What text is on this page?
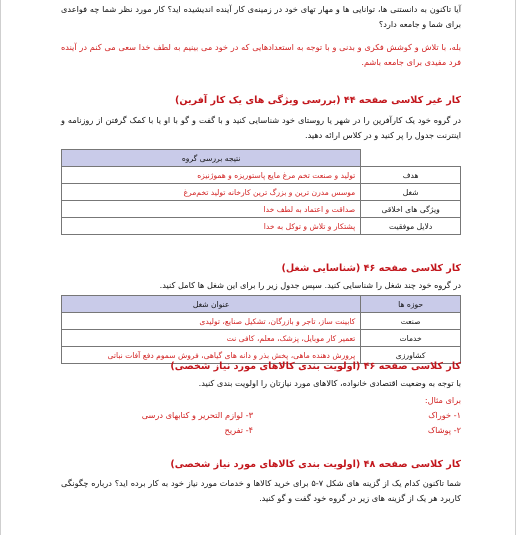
آیا تاکنون به دانستنی ها، توانایی ها و مهار تهای خود در زمینه‌ی کار آینده اندیشیده اید؟ کار مورد نظر شما چه فواعدی برای شما و جامعه دارد؟

بله، با تلاش و کوشش فکری و بدنی و با توجه به استعدادهایی که در خود می بینیم به لطف خدا سعی می کنم در آینده فرد مفیدی برای جامعه باشم.

کار غیر کلاسی صفحه ۴۴ (بررسی ویژگی های یک کار آفرین)

در گروه خود یک کارآفرین را در شهر یا روستای خود شناسایی کنید و با گفت و گو با او یا با کمک گرفتن از روزنامه و اینترنت جدول را پر کنید و در کلاس ارائه دهید.

	نتیجه بررسی گروه
هدف	تولید و صنعت تخم مرغ مایع پاستوریزه و هموژنیزه
شغل	موسس مدرن ترین و بزرگ ترین کارخانه تولید تخم‌مرغ
ویژگی های اخلاقی	صداقت و اعتماد به لطف خدا
دلایل موفقیت	پشتکار و تلاش و توکل به خدا
کار کلاسی صفحه ۴۶ (شناسایی شغل)

در گروه خود چند شغل را شناسایی کنید. سپس جدول زیر را برای این شغل ها کامل کنید.

حوزه ها	عنوان شغل
صنعت	کابینت ساز، تاجر و بازرگان، تشکیل صنایع، تولیدی
خدمات	تعمیر کار موبایل، پزشک، معلم، کافی نت
کشاورزی	پرورش دهنده ماهی، پخش بذر و دانه های گیاهی، فروش سموم دفع آفات نباتی
کار کلاسی صفحه ۴۶ (اولویت بندی کالاهای مورد نیاز شخصی)

با توجه به وضعیت اقتصادی خانواده، کالاهای مورد نیازتان را اولویت بندی کنید.

برای مثال:

۱- خوراک
۲- پوشاک
۳- لوازم التحریر و کتابهای درسی
۴- تفریح
کار کلاسی صفحه ۴۸ (اولویت بندی کالاهای مورد نیاز شخصی)

شما تاکنون کدام یک از گزینه های شکل ۷-۵ برای خرید کالاها و خدمات مورد نیاز خود به کار برده اید؟ درباره چگونگی کاربرد هر یک از گزینه های زیر در گروه خود گفت و گو کنید.
